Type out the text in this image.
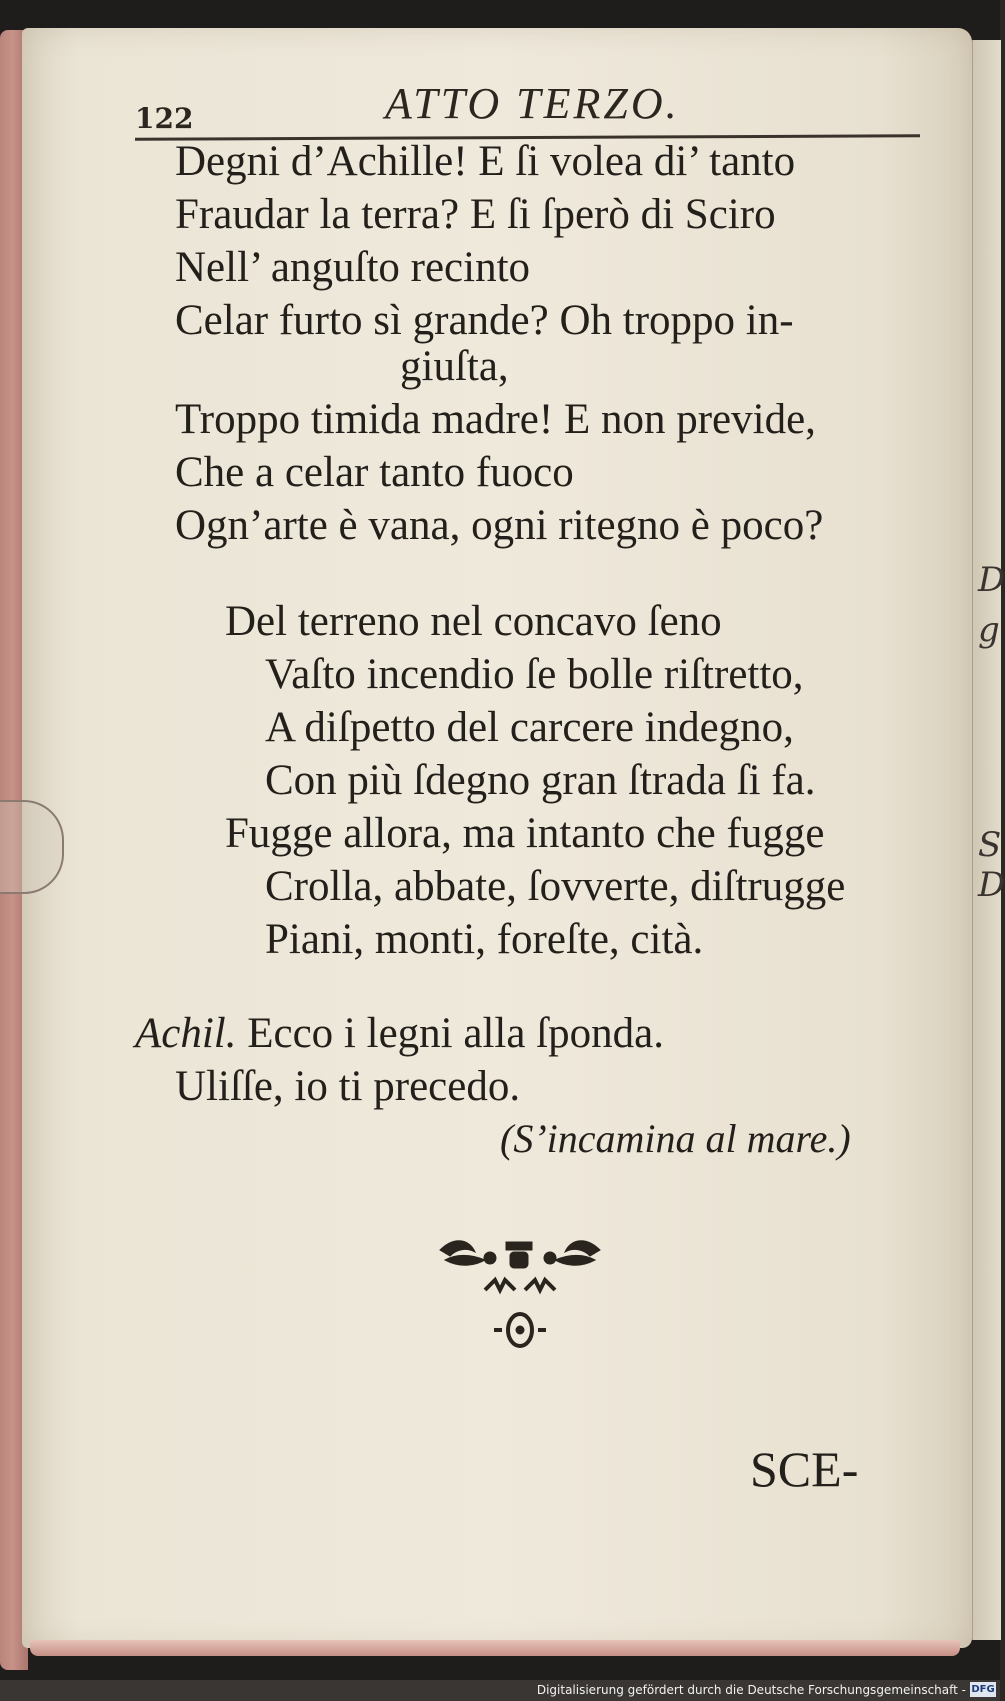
D
g
S
D
122	ATTO TERZO.
Degni d’Achille! E ſi volea di’ tanto
Fraudar la terra? E ſi ſperò di Sciro
Nell’ anguſto recinto
Celar furto sì grande? Oh troppo in-
giuſta,
Troppo timida madre! E non previde,
Che a celar tanto fuoco
Ogn’arte è vana, ogni ritegno è poco?
Del terreno nel concavo ſeno
Vaſto incendio ſe bolle riſtretto,
A diſpetto del carcere indegno,
Con più ſdegno gran ſtrada ſi fa.
Fugge allora, ma intanto che fugge
Crolla, abbate, ſovverte, diſtrugge
Piani, monti, foreſte, cità.
Achil. Ecco i legni alla ſponda.
Uliſſe, io ti precedo.
(S’incamina al mare.)
SCE-
Digitalisierung gefördert durch die Deutsche Forschungsgemeinschaft - DFG
